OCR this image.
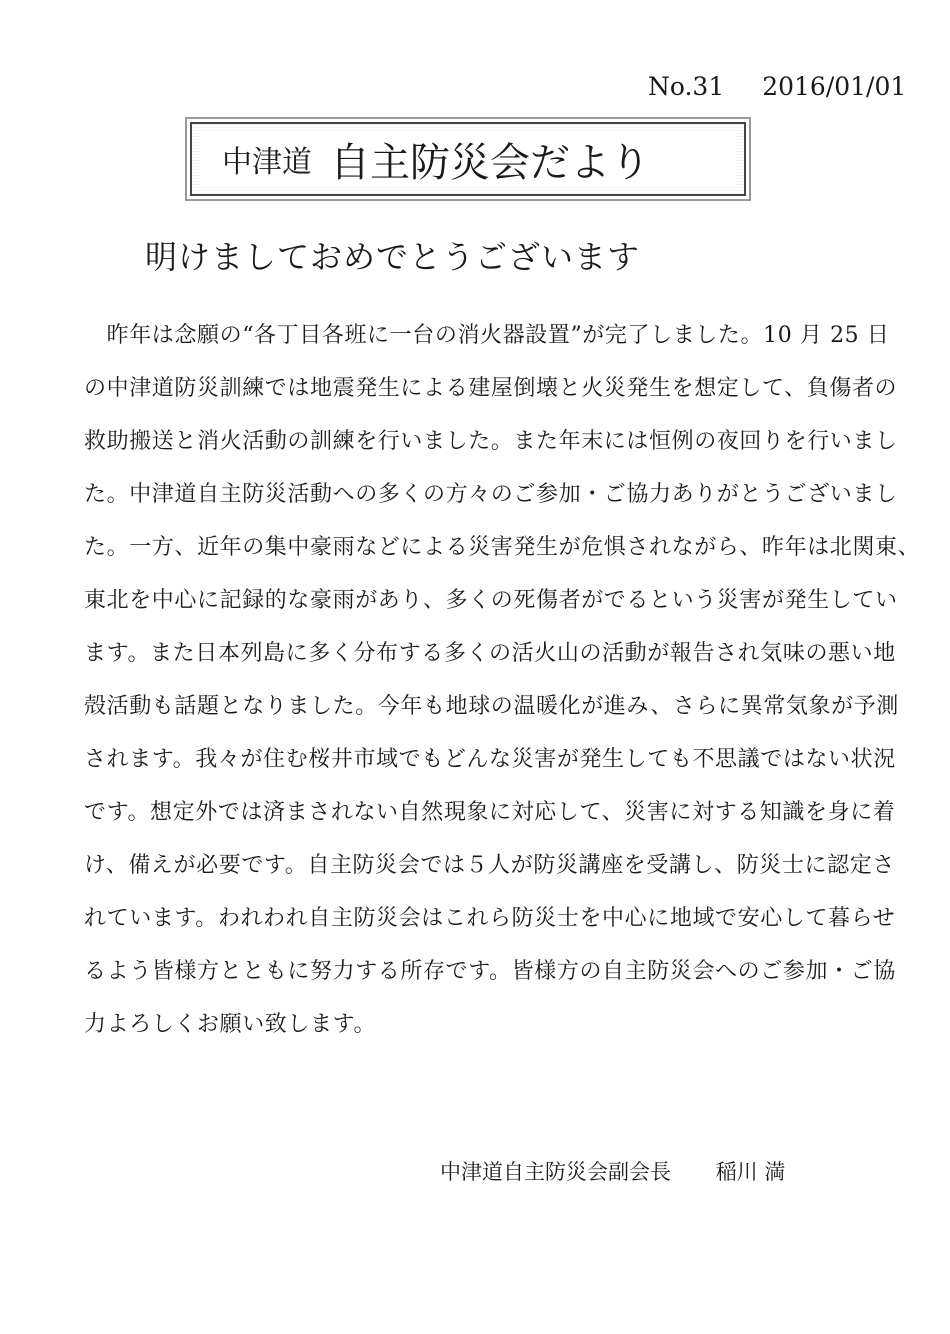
No.31 2016/01/01
中津道 自主防災会だより
明けましておめでとうございます
　昨年は念願の“各丁目各班に一台の消火器設置”が完了しました。10 月 25 日
の中津道防災訓練では地震発生による建屋倒壊と火災発生を想定して、負傷者の
救助搬送と消火活動の訓練を行いました。また年末には恒例の夜回りを行いまし
た。中津道自主防災活動への多くの方々のご参加・ご協力ありがとうございまし
た。一方、近年の集中豪雨などによる災害発生が危惧されながら、昨年は北関東、
東北を中心に記録的な豪雨があり、多くの死傷者がでるという災害が発生してい
ます。また日本列島に多く分布する多くの活火山の活動が報告され気味の悪い地
殻活動も話題となりました。今年も地球の温暖化が進み、さらに異常気象が予測
されます。我々が住む桜井市域でもどんな災害が発生しても不思議ではない状況
です。想定外では済まされない自然現象に対応して、災害に対する知識を身に着
け、備えが必要です。自主防災会では５人が防災講座を受講し、防災士に認定さ
れています。われわれ自主防災会はこれら防災士を中心に地域で安心して暮らせ
るよう皆様方とともに努力する所存です。皆様方の自主防災会へのご参加・ご協
力よろしくお願い致します。
中津道自主防災会副会長 稲川 満
